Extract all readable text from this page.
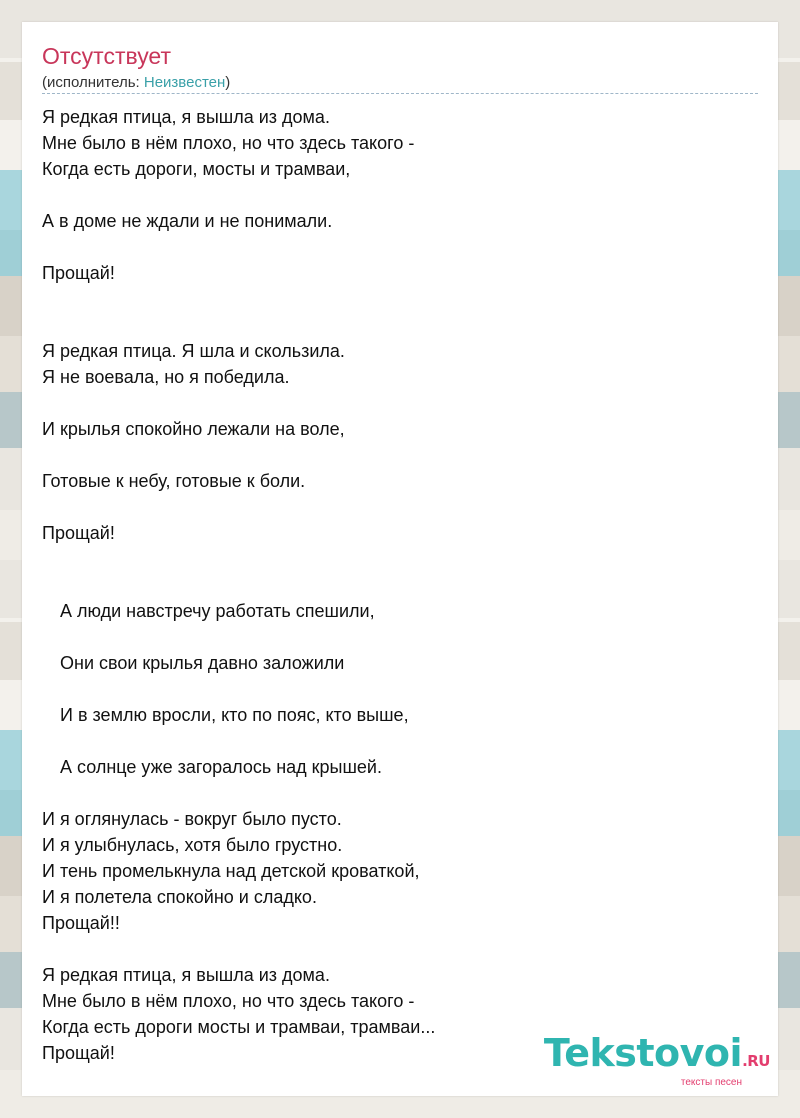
Отсутствует
(исполнитель: Неизвестен)
Я редкая птица, я вышла из дома.
Мне было в нём плохо, но что здесь такого -
Когда есть дороги, мосты и трамваи,
А в доме не ждали и не понимали.
Прощай!
Я редкая птица. Я шла и скользила.
Я не воевала, но я победила.
И крылья спокойно лежали на воле,
Готовые к небу, готовые к боли.
Прощай!
А люди навстречу работать спешили,
Они свои крылья давно заложили
И в землю вросли, кто по пояс, кто выше,
А солнце уже загоралось над крышей.
И я оглянулась - вокруг было пусто.
И я улыбнулась, хотя было грустно.
И тень промелькнула над детской кроваткой,
И я полетела спокойно и сладко.
Прощай!!
Я редкая птица, я вышла из дома.
Мне было в нём плохо, но что здесь такого -
Когда есть дороги мосты и трамваи, трамваи...
Прощай!	Tekstovoi.RU
тексты песен
